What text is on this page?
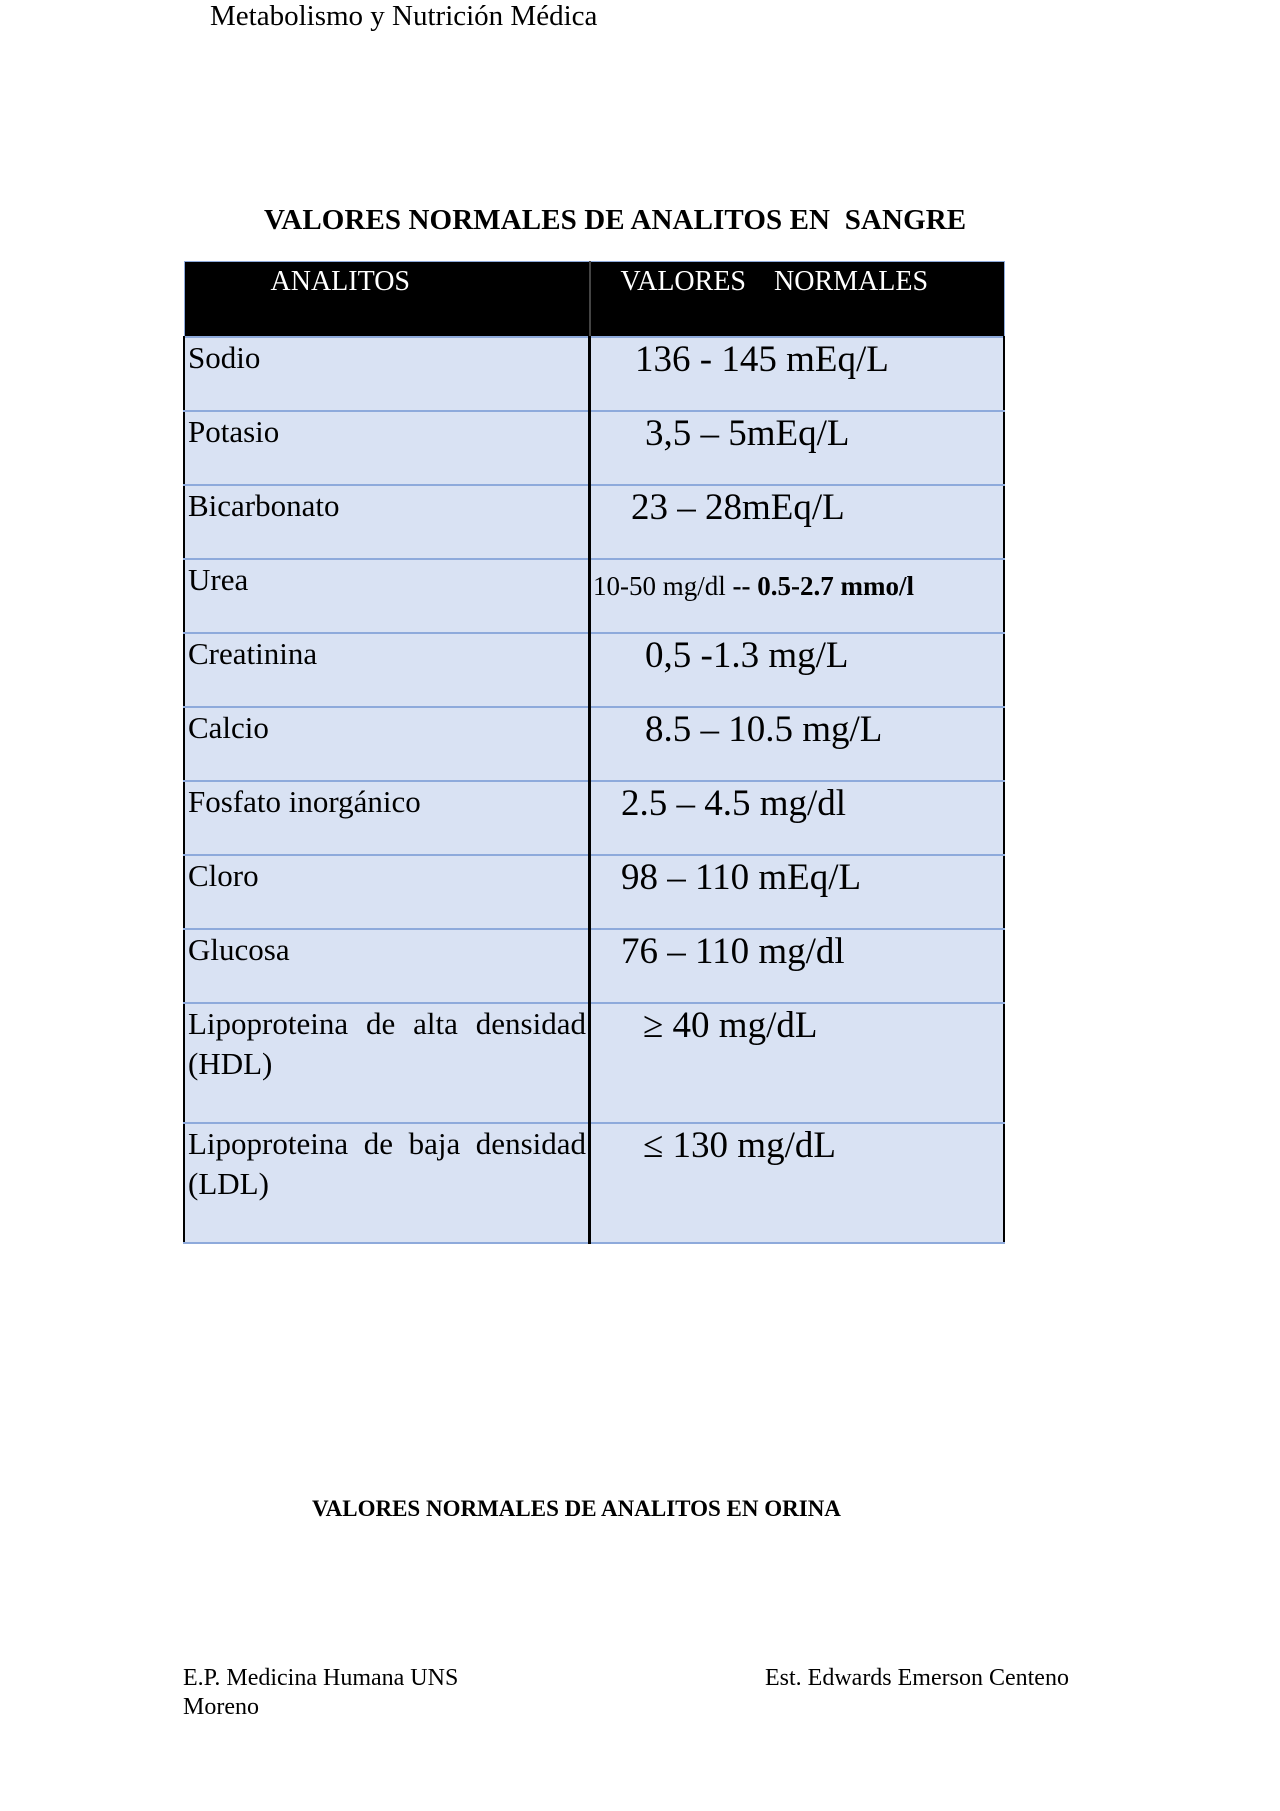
Metabolismo y Nutrición Médica
VALORES NORMALES DE ANALITOS EN  SANGRE
ANALITOS	VALORES    NORMALES
Sodio	136 - 145 mEq/L

Potasio	3,5 – 5mEq/L

Bicarbonato	23 – 28mEq/L

Urea	10-50 mg/dl -- 0.5-2.7 mmo/l

Creatinina	0,5 -1.3 mg/L

Calcio	8.5 – 10.5 mg/L

Fosfato inorgánico	2.5 – 4.5 mg/dl

Cloro	98 – 110 mEq/L

Glucosa	76 – 110 mg/dl

Lipoproteina de alta densidad (HDL)	≥ 40 mg/dL

Lipoproteina de baja densidad (LDL)	≤ 130 mg/dL
VALORES NORMALES DE ANALITOS EN ORINA
E.P. Medicina Humana UNS Moreno
Est. Edwards Emerson Centeno
